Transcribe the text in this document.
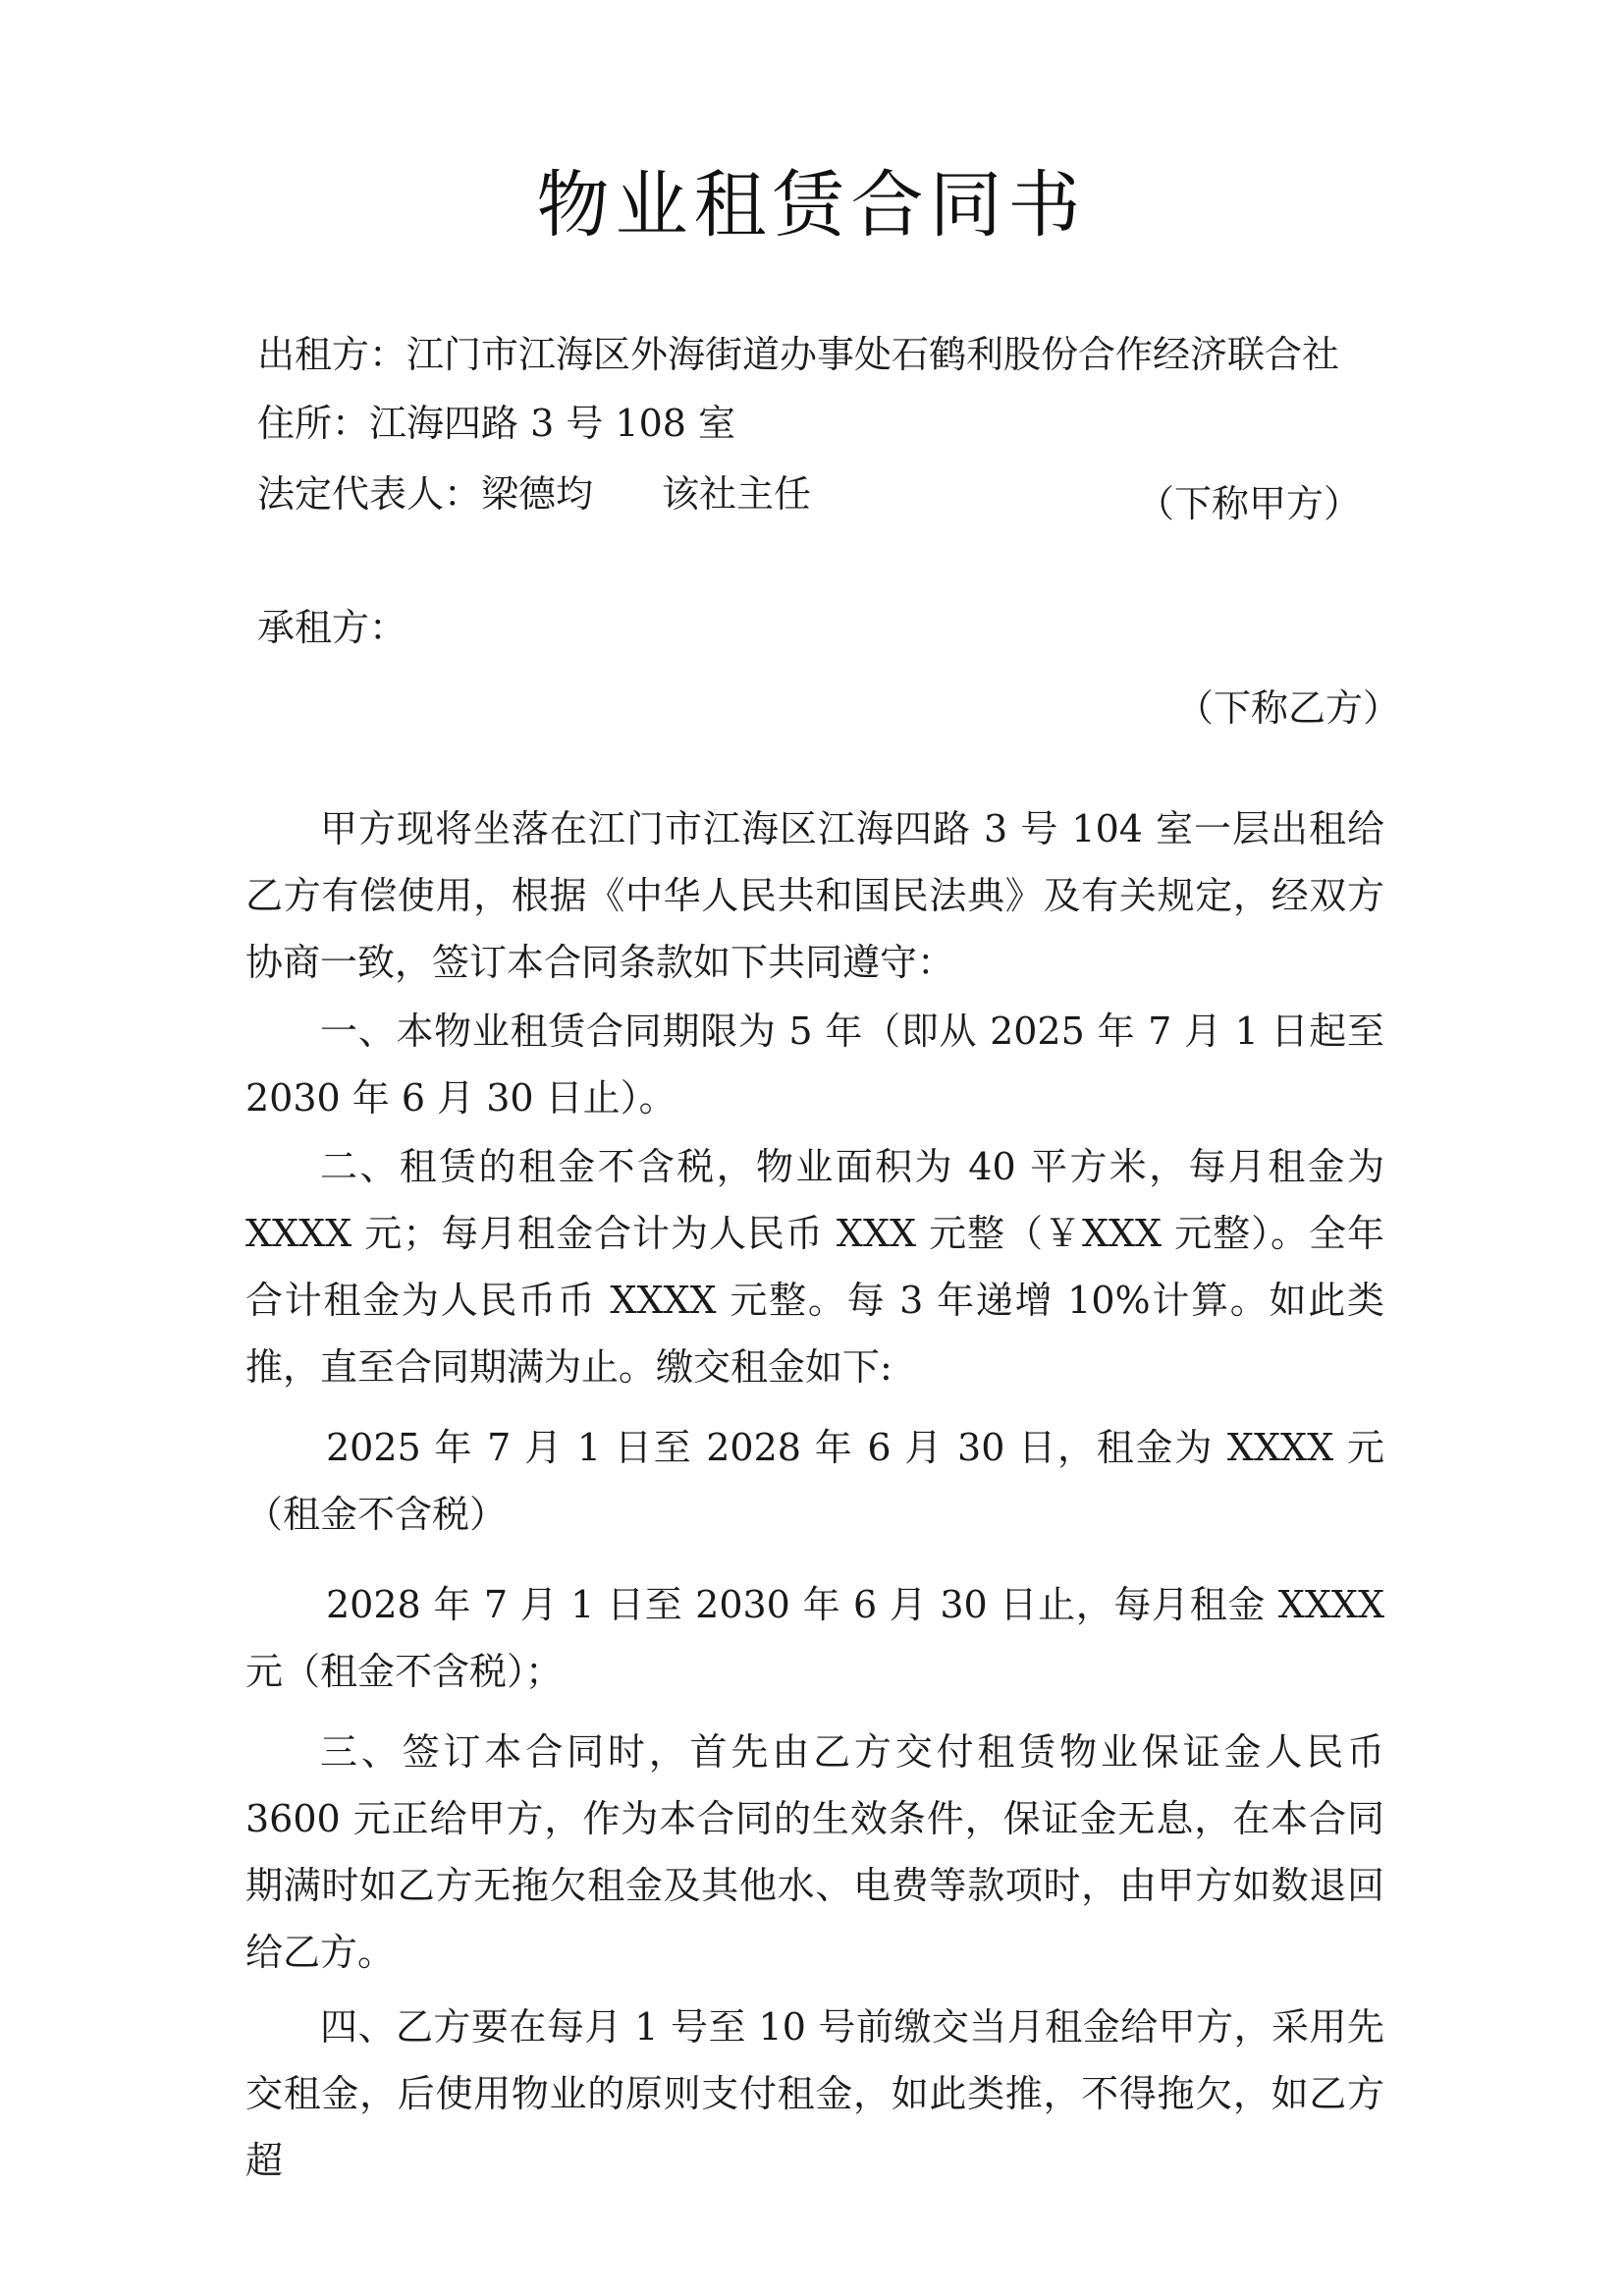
物业租赁合同书
出租方：江门市江海区外海街道办事处石鹤利股份合作经济联合社
住所：江海四路 3 号 108 室
法定代表人：梁德均 该社主任	（下称甲方）
承租方：
（下称乙方）

甲方现将坐落在江门市江海区江海四路 3 号 104 室一层出租给乙方有偿使用，根据《中华人民共和国民法典》及有关规定，经双方协商一致，签订本合同条款如下共同遵守：

一、本物业租赁合同期限为 5 年（即从 2025 年 7 月 1 日起至 2030 年 6 月 30 日止）。

二、租赁的租金不含税，物业面积为 40 平方米，每月租金为 XXXX 元；每月租金合计为人民币 XXX 元整（￥XXX 元整）。全年合计租金为人民币币 XXXX 元整。每 3 年递增 10%计算。如此类推，直至合同期满为止。缴交租金如下:

2025 年 7 月 1 日至 2028 年 6 月 30 日，租金为 XXXX 元（租金不含税）

2028 年 7 月 1 日至 2030 年 6 月 30 日止，每月租金 XXXX 元（租金不含税）；

三、签订本合同时，首先由乙方交付租赁物业保证金人民币 3600 元正给甲方，作为本合同的生效条件，保证金无息，在本合同期满时如乙方无拖欠租金及其他水、电费等款项时，由甲方如数退回给乙方。

四、乙方要在每月 1 号至 10 号前缴交当月租金给甲方，采用先交租金，后使用物业的原则支付租金，如此类推，不得拖欠，如乙方超
